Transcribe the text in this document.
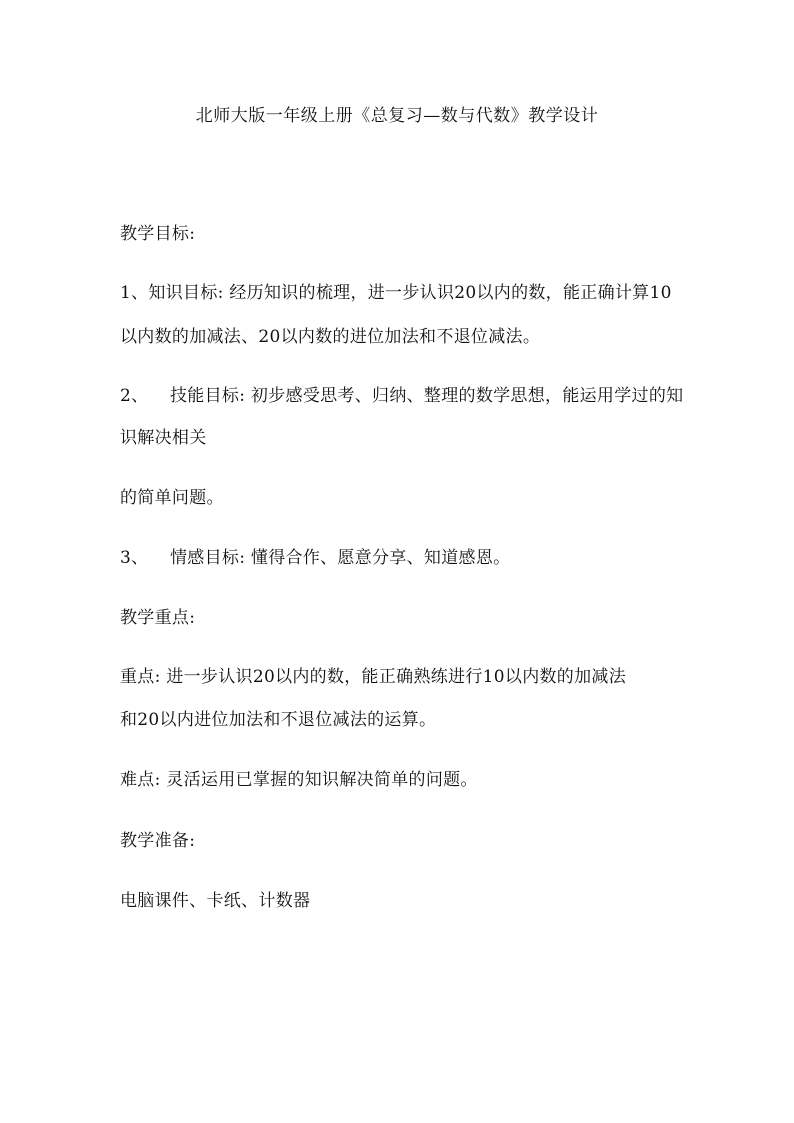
北师大版一年级上册《总复习—数与代数》教学设计
教学目标:
1、知识目标: 经历知识的梳理，进一步认识20以内的数，能正确计算10
以内数的加减法、20以内数的进位加法和不退位减法。
2、 技能目标: 初步感受思考、归纳、整理的数学思想，能运用学过的知
识解决相关
的简单问题。
3、 情感目标: 懂得合作、愿意分享、知道感恩。
教学重点:
重点: 进一步认识20以内的数，能正确熟练进行10以内数的加减法
和20以内进位加法和不退位减法的运算。
难点: 灵活运用已掌握的知识解决简单的问题。
教学准备:
电脑课件、卡纸、计数器
